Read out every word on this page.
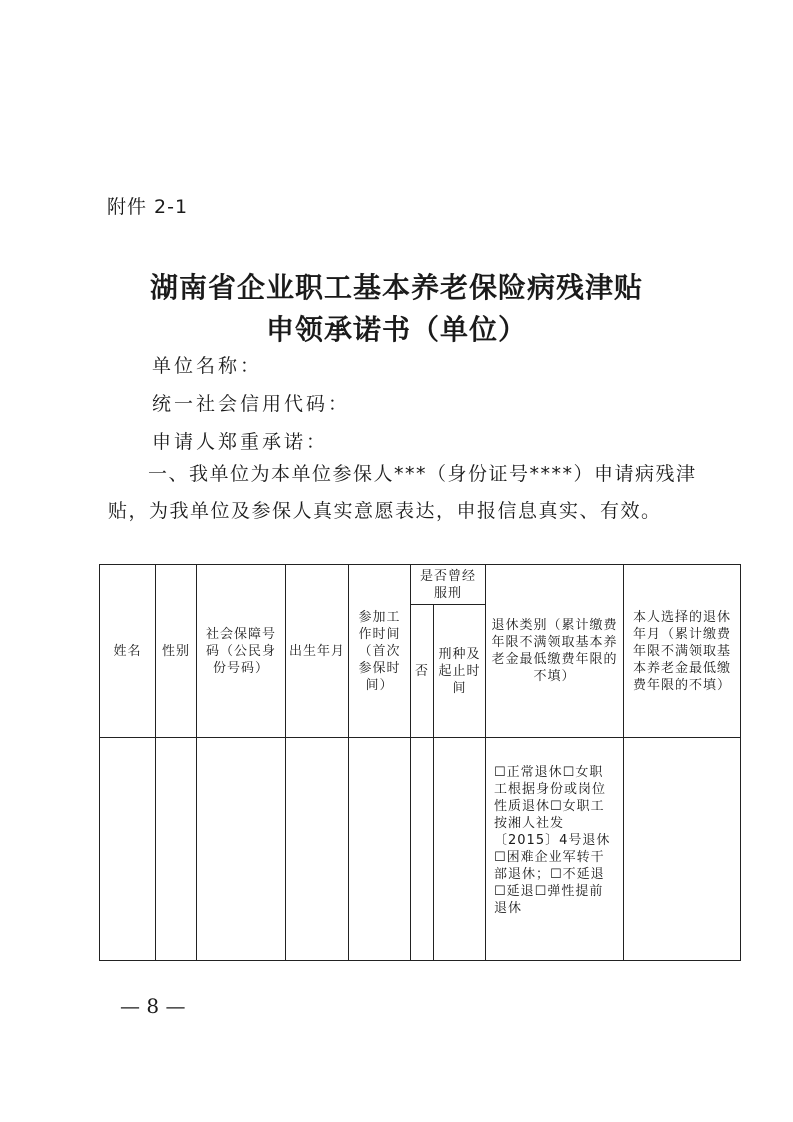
附件 2-1
湖南省企业职工基本养老保险病残津贴
申领承诺书（单位）
单位名称：
统一社会信用代码：
申请人郑重承诺：
一、我单位为本单位参保人***（身份证号****）申请病残津贴，为我单位及参保人真实意愿表达，申报信息真实、有效。
姓名	性别	社会保障号码（公民身份号码）	出生年月	参加工作时间（首次参保时间）	是否曾经服刑		退休类别（累计缴费年限不满领取基本养老金最低缴费年限的不填）	本人选择的退休年月（累计缴费年限不满领取基本养老金最低缴费年限的不填）
					否	刑种及起止时间		
							☐正常退休☐女职工根据身份或岗位性质退休☐女职工按湘人社发〔2015〕4号退休☐困难企业军转干部退休；☐不延退☐延退☐弹性提前退休	
— 8 —
